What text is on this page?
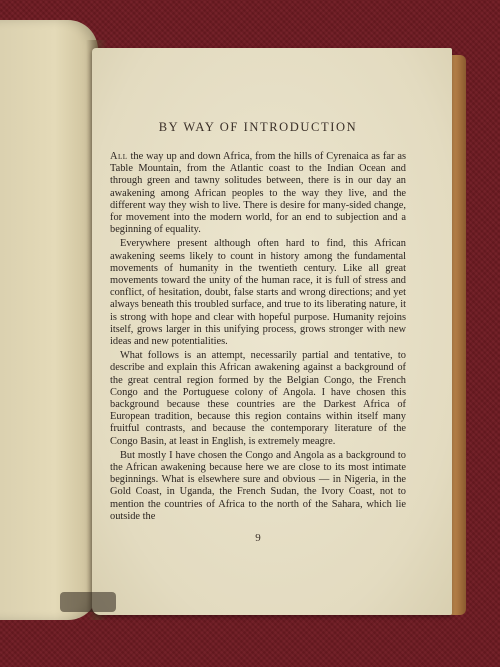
BY WAY OF INTRODUCTION

All the way up and down Africa, from the hills of Cyrenaica as far as Table Mountain, from the Atlantic coast to the Indian Ocean and through green and tawny solitudes between, there is in our day an awakening among African peoples to the way they live, and the different way they wish to live. There is desire for many-sided change, for movement into the modern world, for an end to subjection and a beginning of equality.

Everywhere present although often hard to find, this African awakening seems likely to count in history among the fundamental movements of humanity in the twentieth century. Like all great movements toward the unity of the human race, it is full of stress and conflict, of hesitation, doubt, false starts and wrong directions; and yet always beneath this troubled surface, and true to its liberating nature, it is strong with hope and clear with hopeful purpose. Humanity rejoins itself, grows larger in this unifying process, grows stronger with new ideas and new potentialities.

What follows is an attempt, necessarily partial and tentative, to describe and explain this African awakening against a background of the great central region formed by the Belgian Congo, the French Congo and the Portuguese colony of Angola. I have chosen this background because these countries are the Darkest Africa of European tradition, because this region contains within itself many fruitful contrasts, and because the contemporary literature of the Congo Basin, at least in English, is extremely meagre.

But mostly I have chosen the Congo and Angola as a background to the African awakening because here we are close to its most intimate beginnings. What is elsewhere sure and obvious — in Nigeria, in the Gold Coast, in Uganda, the French Sudan, the Ivory Coast, not to mention the countries of Africa to the north of the Sahara, which lie outside the

9
